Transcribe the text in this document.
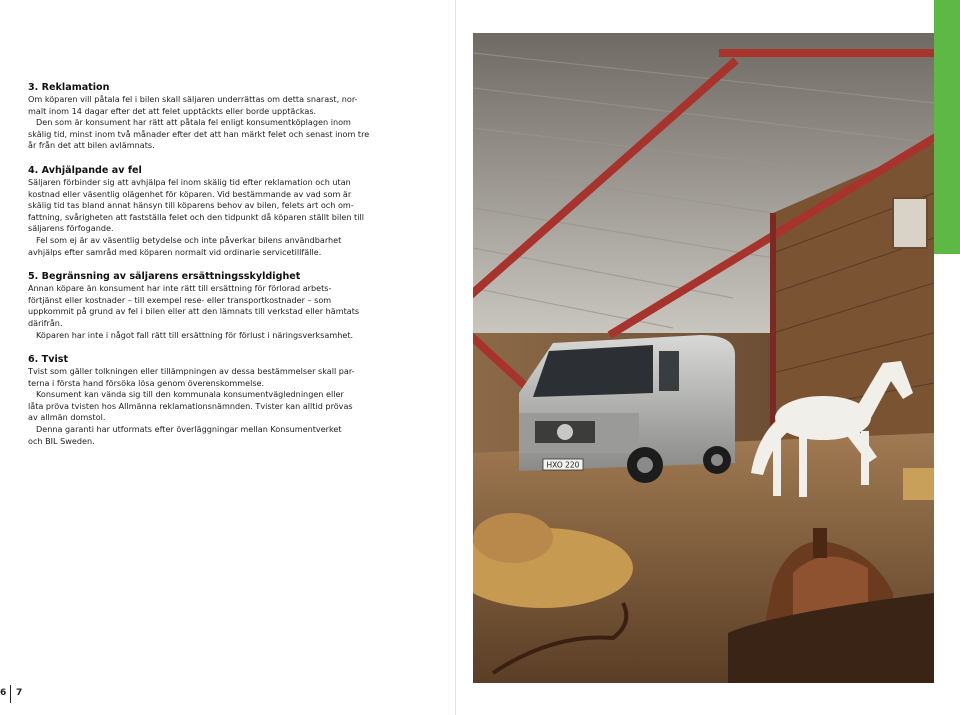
3. Reklamation

Om köparen vill påtala fel i bilen skall säljaren underrättas om detta snarast, nor-
malt inom 14 dagar efter det att felet upptäckts eller borde upptäckas.

Den som är konsument har rätt att påtala fel enligt konsumentköplagen inom
skälig tid, minst inom två månader efter det att han märkt felet och senast inom tre
år från det att bilen avlämnats.

4. Avhjälpande av fel

Säljaren förbinder sig att avhjälpa fel inom skälig tid efter reklamation och utan
kostnad eller väsentlig olägenhet för köparen. Vid bestämmande av vad som är
skälig tid tas bland annat hänsyn till köparens behov av bilen, felets art och om-
fattning, svårigheten att fastställa felet och den tidpunkt då köparen ställt bilen till
säljarens förfogande.

Fel som ej är av väsentlig betydelse och inte påverkar bilens användbarhet
avhjälps efter samråd med köparen normalt vid ordinarie servicetillfälle.

5. Begränsning av säljarens ersättningsskyldighet

Annan köpare än konsument har inte rätt till ersättning för förlorad arbets-
förtjänst eller kostnader – till exempel rese- eller transportkostnader – som
uppkommit på grund av fel i bilen eller att den lämnats till verkstad eller hämtats
därifrån.

Köparen har inte i något fall rätt till ersättning för förlust i näringsverksamhet.

6. Tvist

Tvist som gäller tolkningen eller tillämpningen av dessa bestämmelser skall par-
terna i första hand försöka lösa genom överenskommelse.

Konsument kan vända sig till den kommunala konsumentvägledningen eller
låta pröva tvisten hos Allmänna reklamationsnämnden. Tvister kan alltid prövas
av allmän domstol.

Denna garanti har utformats efter överläggningar mellan Konsumentverket
och BIL Sweden.

6 7
HXO 220
